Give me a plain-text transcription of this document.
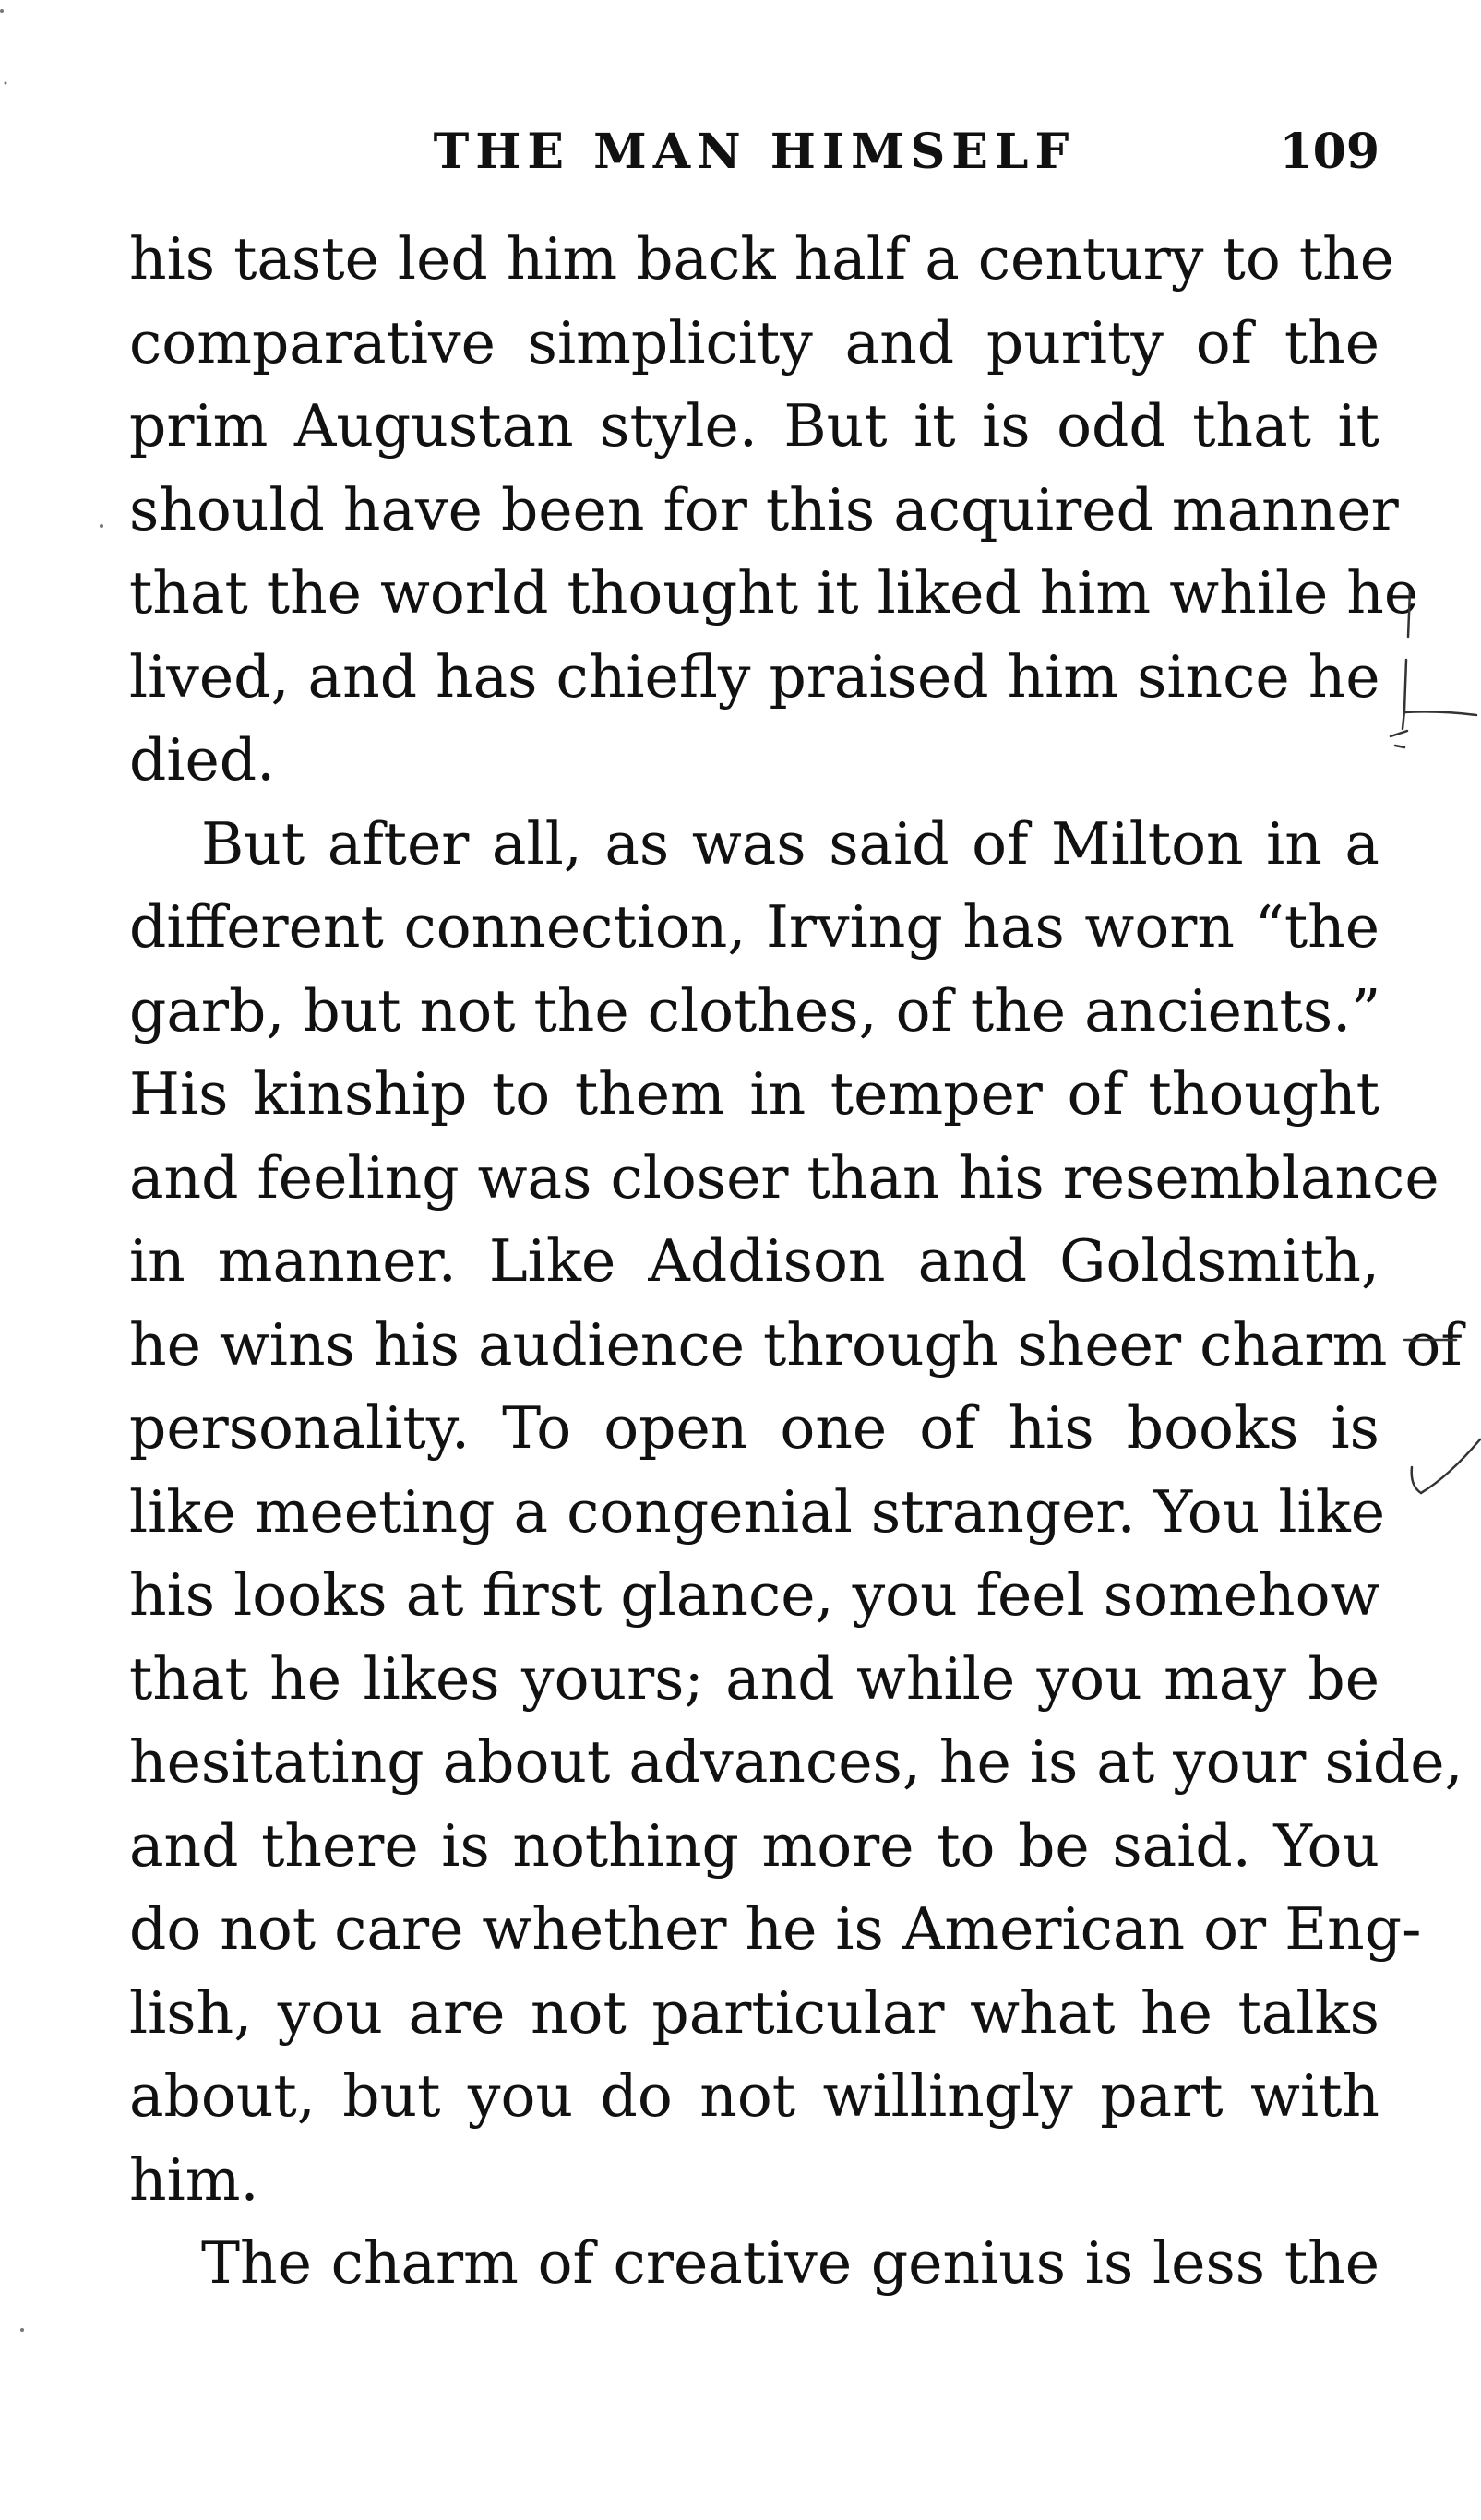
THE MAN HIMSELF	109
his taste led him back half a century to the
comparative simplicity and purity of the
prim Augustan style. But it is odd that it
should have been for this acquired manner
that the world thought it liked him while he
lived, and has chiefly praised him since he
died.
But after all, as was said of Milton in a
different connection, Irving has worn “the
garb, but not the clothes, of the ancients.”
His kinship to them in temper of thought
and feeling was closer than his resemblance
in manner. Like Addison and Goldsmith,
he wins his audience through sheer charm of
personality. To open one of his books is
like meeting a congenial stranger. You like
his looks at first glance, you feel somehow
that he likes yours; and while you may be
hesitating about advances, he is at your side,
and there is nothing more to be said. You
do not care whether he is American or Eng-
lish, you are not particular what he talks
about, but you do not willingly part with
him.
The charm of creative genius is less the
